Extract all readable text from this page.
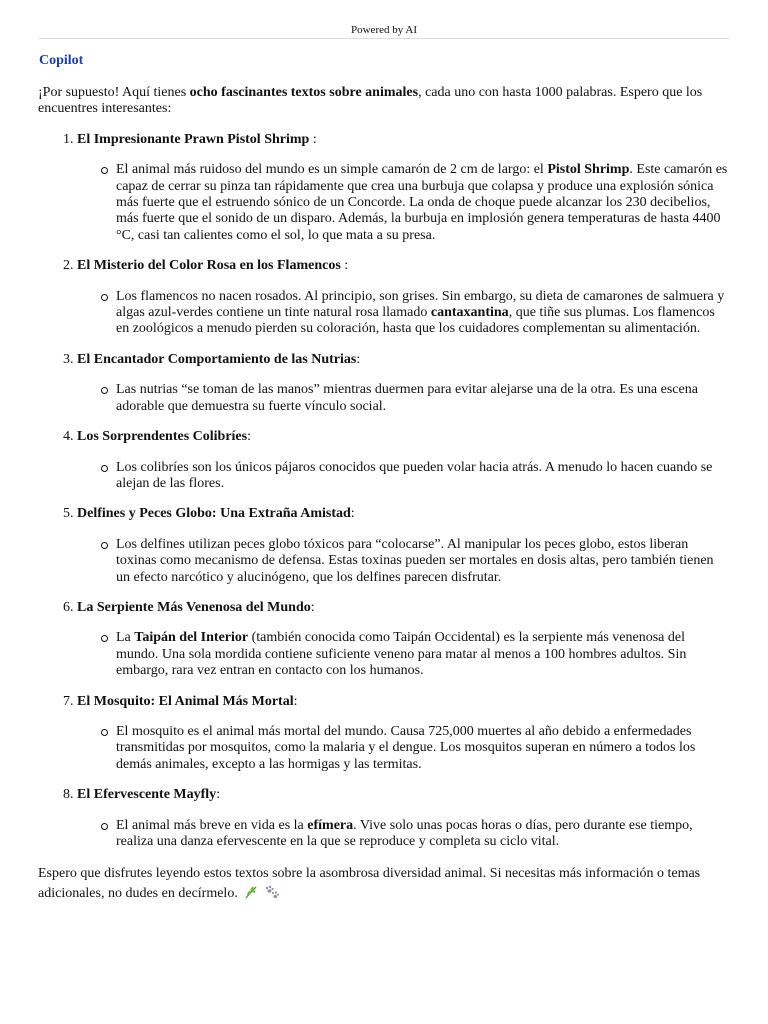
Powered by AI
Copilot

¡Por supuesto! Aquí tienes ocho fascinantes textos sobre animales, cada uno con hasta 1000 palabras. Espero que los encuentres interesantes:

1. El Impresionante Prawn Pistol Shrimp :
El animal más ruidoso del mundo es un simple camarón de 2 cm de largo: el Pistol Shrimp. Este camarón es capaz de cerrar su pinza tan rápidamente que crea una burbuja que colapsa y produce una explosión sónica más fuerte que el estruendo sónico de un Concorde. La onda de choque puede alcanzar los 230 decibelios, más fuerte que el sonido de un disparo. Además, la burbuja en implosión genera temperaturas de hasta 4400 °C, casi tan calientes como el sol, lo que mata a su presa.
2. El Misterio del Color Rosa en los Flamencos :
Los flamencos no nacen rosados. Al principio, son grises. Sin embargo, su dieta de camarones de salmuera y algas azul-verdes contiene un tinte natural rosa llamado cantaxantina, que tiñe sus plumas. Los flamencos en zoológicos a menudo pierden su coloración, hasta que los cuidadores complementan su alimentación.
3. El Encantador Comportamiento de las Nutrias:
Las nutrias “se toman de las manos” mientras duermen para evitar alejarse una de la otra. Es una escena adorable que demuestra su fuerte vínculo social.
4. Los Sorprendentes Colibríes:
Los colibríes son los únicos pájaros conocidos que pueden volar hacia atrás. A menudo lo hacen cuando se alejan de las flores.
5. Delfines y Peces Globo: Una Extraña Amistad:
Los delfines utilizan peces globo tóxicos para “colocarse”. Al manipular los peces globo, estos liberan toxinas como mecanismo de defensa. Estas toxinas pueden ser mortales en dosis altas, pero también tienen un efecto narcótico y alucinógeno, que los delfines parecen disfrutar.
6. La Serpiente Más Venenosa del Mundo:
La Taipán del Interior (también conocida como Taipán Occidental) es la serpiente más venenosa del mundo. Una sola mordida contiene suficiente veneno para matar al menos a 100 hombres adultos. Sin embargo, rara vez entran en contacto con los humanos.
7. El Mosquito: El Animal Más Mortal:
El mosquito es el animal más mortal del mundo. Causa 725,000 muertes al año debido a enfermedades transmitidas por mosquitos, como la malaria y el dengue. Los mosquitos superan en número a todos los demás animales, excepto a las hormigas y las termitas.
8. El Efervescente Mayfly:
El animal más breve en vida es la efímera. Vive solo unas pocas horas o días, pero durante ese tiempo, realiza una danza efervescente en la que se reproduce y completa su ciclo vital.

Espero que disfrutes leyendo estos textos sobre la asombrosa diversidad animal. Si necesitas más información o temas adicionales, no dudes en decírmelo.
